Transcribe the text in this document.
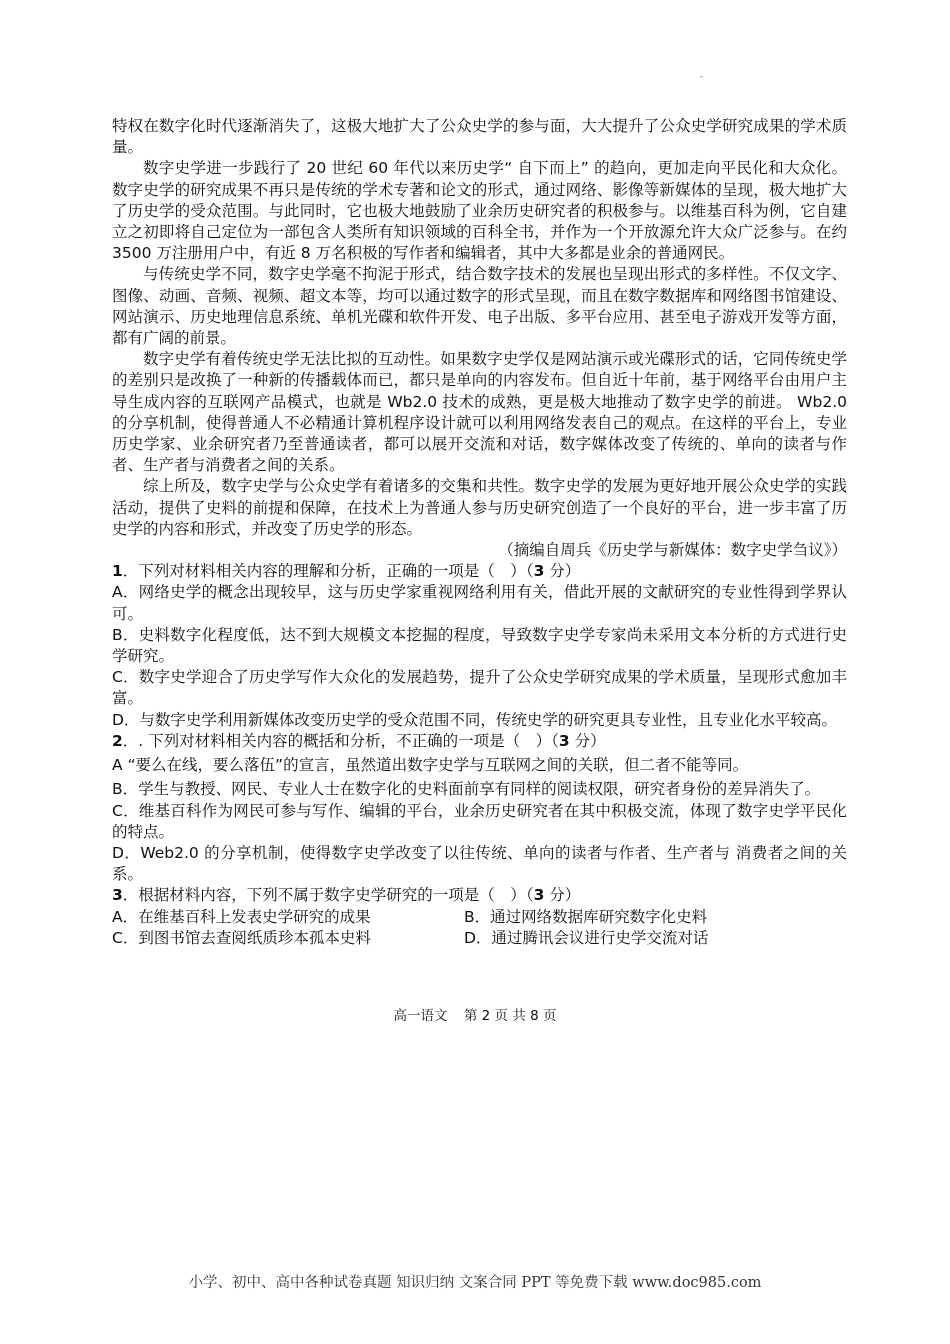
-

特权在数字化时代逐渐消失了，这极大地扩大了公众史学的参与面，大大提升了公众史学研究成果的学术质量。

数字史学进一步践行了 20 世纪 60 年代以来历史学“ 自下而上” 的趋向，更加走向平民化和大众化。数字史学的研究成果不再只是传统的学术专著和论文的形式，通过网络、影像等新媒体的呈现，极大地扩大了历史学的受众范围。与此同时，它也极大地鼓励了业余历史研究者的积极参与。以维基百科为例，它自建立之初即将自己定位为一部包含人类所有知识领域的百科全书，并作为一个开放源允许大众广泛参与。在约 3500 万注册用户中，有近 8 万名积极的写作者和编辑者，其中大多都是业余的普通网民。

与传统史学不同，数字史学毫不拘泥于形式，结合数字技术的发展也呈现出形式的多样性。不仅文字、图像、动画、音频、视频、超文本等，均可以通过数字的形式呈现，而且在数字数据库和网络图书馆建设、网站演示、历史地理信息系统、单机光碟和软件开发、电子出版、多平台应用、甚至电子游戏开发等方面，都有广阔的前景。

数字史学有着传统史学无法比拟的互动性。如果数字史学仅是网站演示或光碟形式的话，它同传统史学的差别只是改换了一种新的传播载体而已，都只是单向的内容发布。但自近十年前，基于网络平台由用户主导生成内容的互联网产品模式，也就是 Wb2.0 技术的成熟，更是极大地推动了数字史学的前进。 Wb2.0 的分享机制，使得普通人不必精通计算机程序设计就可以利用网络发表自己的观点。在这样的平台上，专业历史学家、业余研究者乃至普通读者，都可以展开交流和对话，数字媒体改变了传统的、单向的读者与作者、生产者与消费者之间的关系。

综上所及，数字史学与公众史学有着诸多的交集和共性。数字史学的发展为更好地开展公众史学的实践活动，提供了史料的前提和保障，在技术上为普通人参与历史研究创造了一个良好的平台，进一步丰富了历史学的内容和形式，并改变了历史学的形态。

（摘编自周兵《历史学与新媒体：数字史学刍议》）

1．下列对材料相关内容的理解和分析，正确的一项是（　）（3 分）

A．网络史学的概念出现较早，这与历史学家重视网络利用有关，借此开展的文献研究的专业性得到学界认可。

B．史料数字化程度低，达不到大规模文本挖掘的程度，导致数字史学专家尚未采用文本分析的方式进行史学研究。

C．数字史学迎合了历史学写作大众化的发展趋势，提升了公众史学研究成果的学术质量，呈现形式愈加丰富。

D．与数字史学利用新媒体改变历史学的受众范围不同，传统史学的研究更具专业性，且专业化水平较高。

2．. 下列对材料相关内容的概括和分析，不正确的一项是（　）（3 分）

A “要么在线，要么落伍”的宣言，虽然道出数字史学与互联网之间的关联，但二者不能等同。

B．学生与教授、网民、专业人士在数字化的史料面前享有同样的阅读权限，研究者身份的差异消失了。

C．维基百科作为网民可参与写作、编辑的平台，业余历史研究者在其中积极交流，体现了数字史学平民化的特点。

D．Web2.0 的分享机制，使得数字史学改变了以往传统、单向的读者与作者、生产者与 消费者之间的关系。

3．根据材料内容，下列不属于数字史学研究的一项是（　）（3 分）

A．在维基百科上发表史学研究的成果	B．通过网络数据库研究数字化史料
C．到图书馆去查阅纸质珍本孤本史料	D．通过腾讯会议进行史学交流对话
高一语文 第 2 页 共 8 页
小学、初中、高中各种试卷真题 知识归纳 文案合同 PPT 等免费下载 www.doc985.com
